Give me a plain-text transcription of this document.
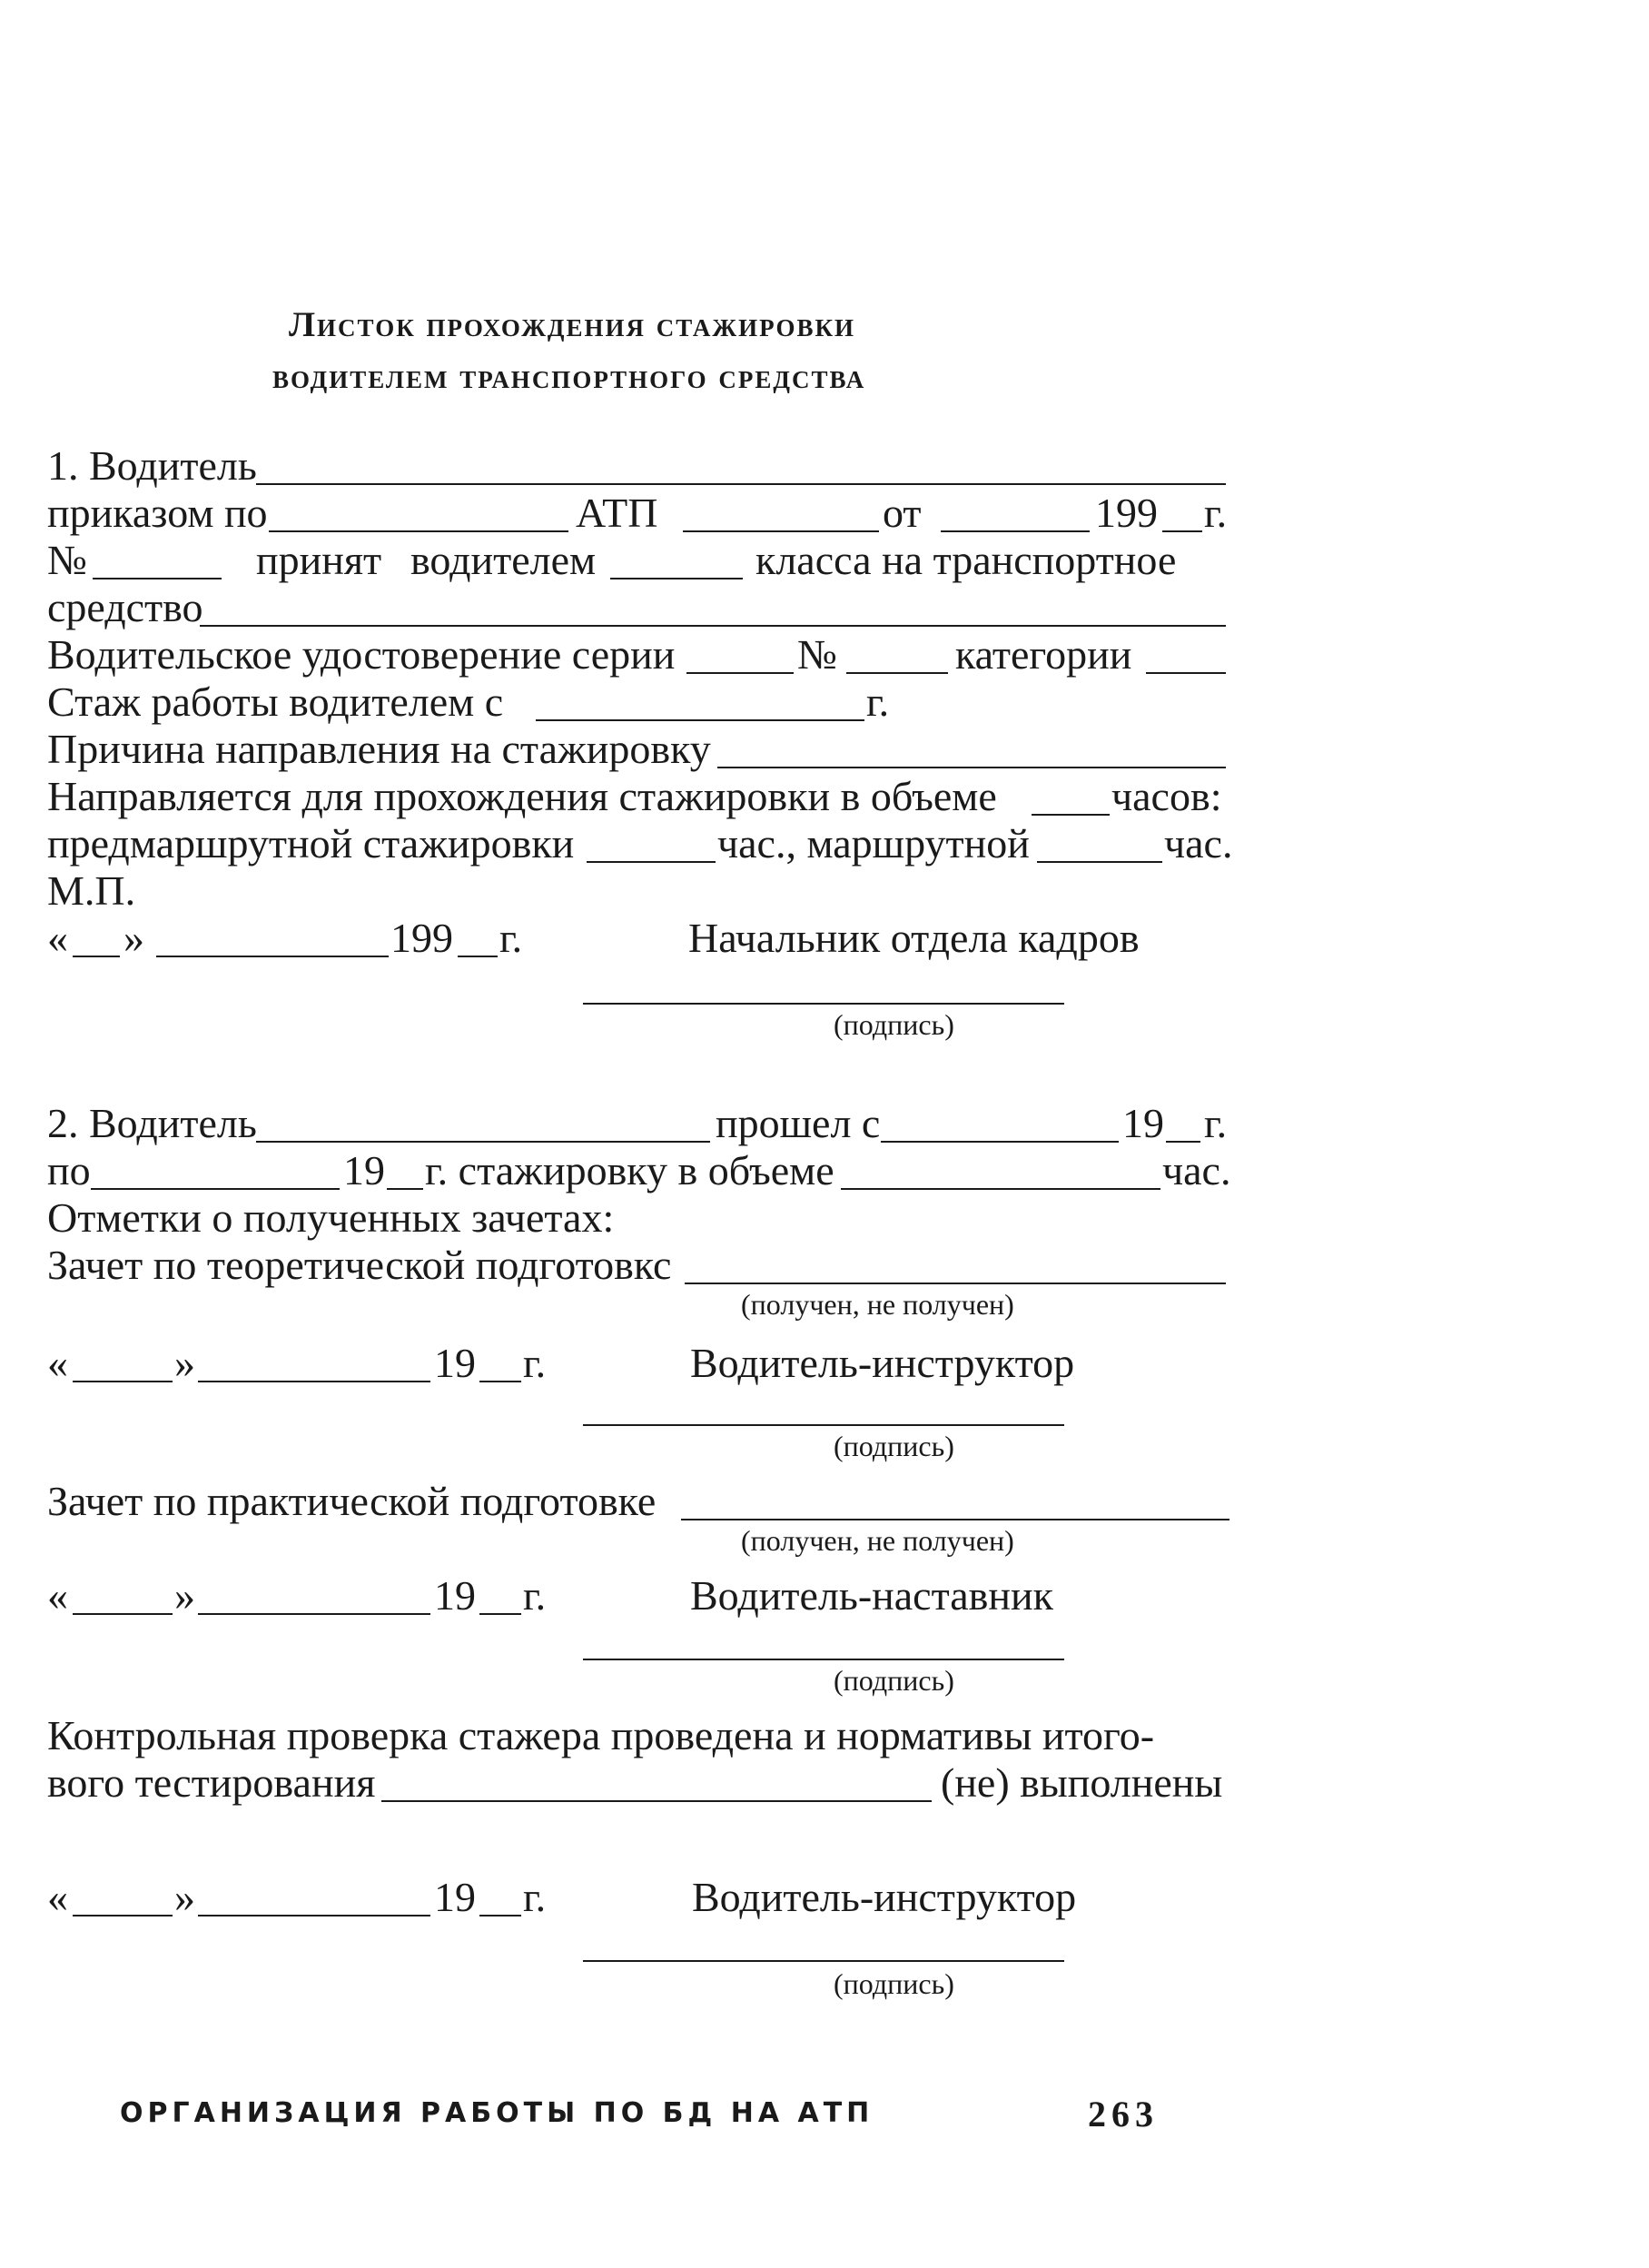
Листок прохождения стажировки
водителем транспортного средства
1. Водитель
приказом по	АТП	от	199 г.
№	принят водителем	класса на транспортное
средство
Водительское удостоверение серии	№	категории
Стаж работы водителем с	г.
Причина направления на стажировку
Направляется для прохождения стажировки в объеме	часов:
предмаршрутной стажировки	час., маршрутной	час.
М.П.
« »	199 г.	Начальник отдела кадров
(подпись)
2. Водитель	прошел с	19 г.
по	19 г. стажировку в объеме	час.
Отметки о полученных зачетах:
Зачет по теоретической подготовкс
(получен, не получен)
«	»	19 г.	Водитель-инструктор
(подпись)
Зачет по практической подготовке
(получен, не получен)
«	»	19 г.	Водитель-наставник
(подпись)
Контрольная проверка стажера проведена и нормативы итого-
вого тестирования	(не) выполнены
«	»	19 г.	Водитель-инструктор
(подпись)
ОРГАНИЗАЦИЯ РАБОТЫ ПО БД НА АТП	263
